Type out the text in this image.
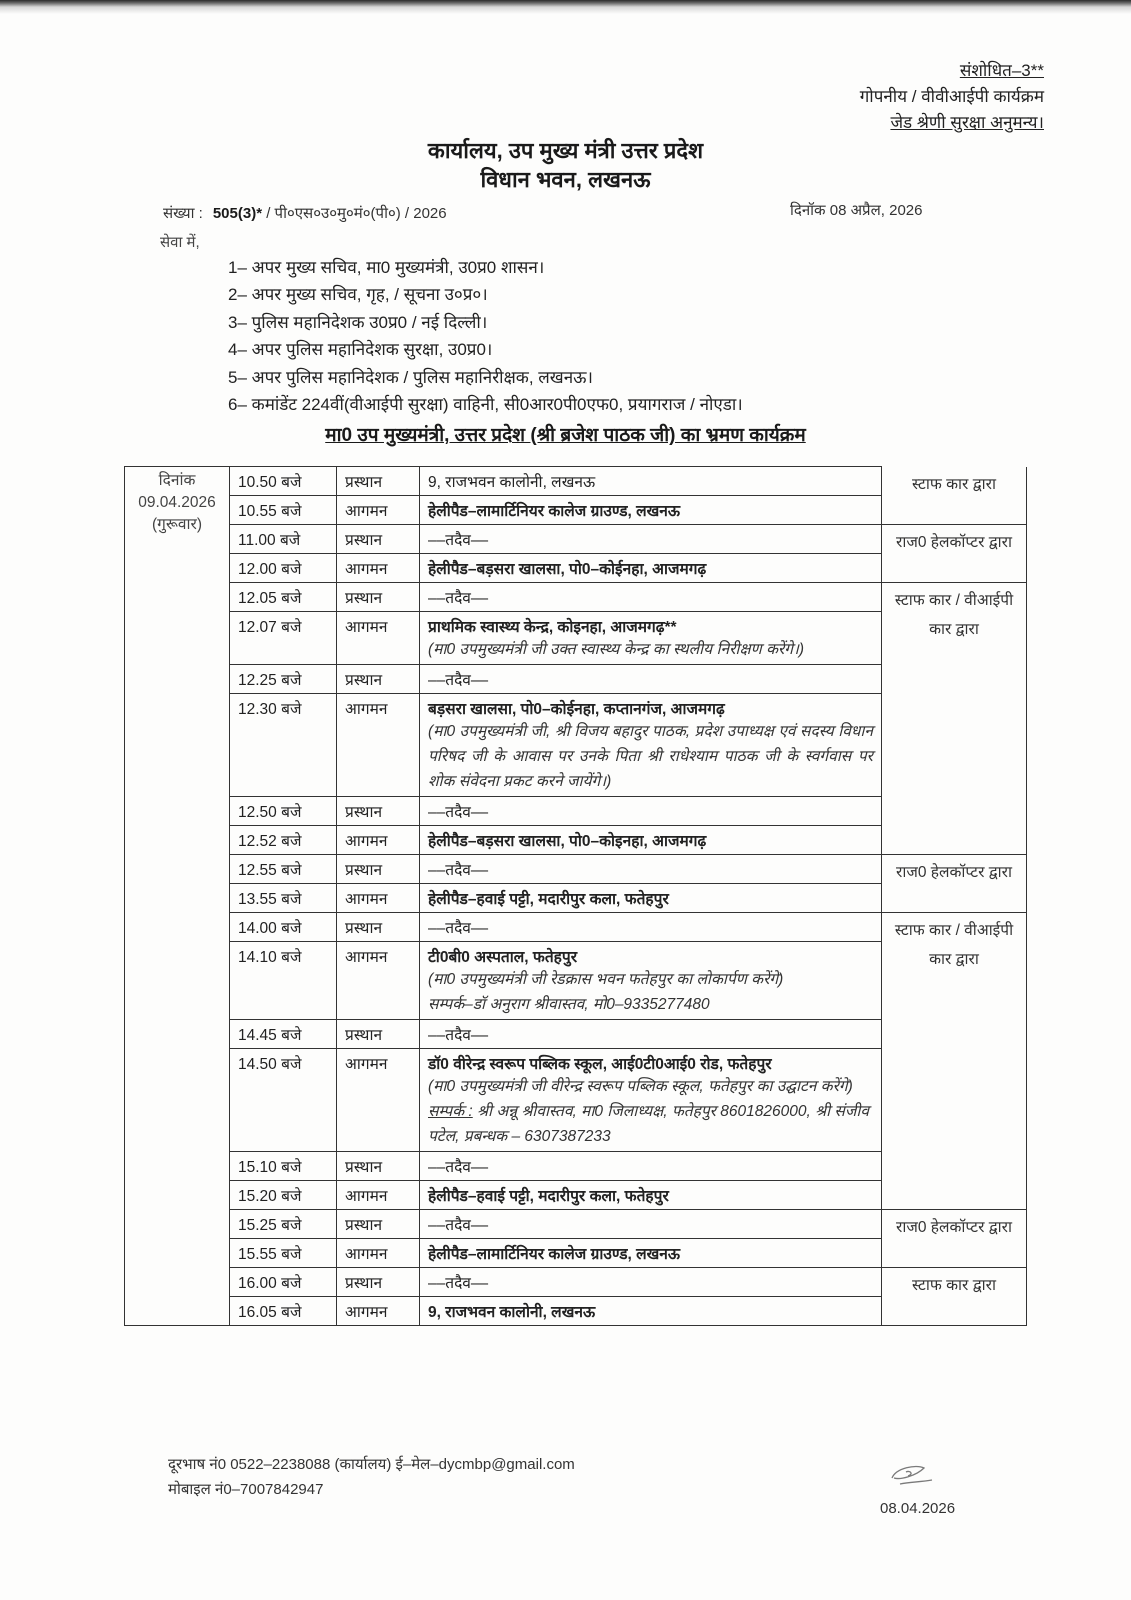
संशोधित–3**
गोपनीय / वीवीआईपी कार्यक्रम
जेड श्रेणी सुरक्षा अनुमन्य।
कार्यालय, उप मुख्य मंत्री उत्तर प्रदेश
विधान भवन, लखनऊ
संख्या : 505(3)* / पी०एस०उ०मु०मं०(पी०) / 2026	दिनॉक 08 अप्रैल, 2026
सेवा में,
1– अपर मुख्य सचिव, मा0 मुख्यमंत्री, उ0प्र0 शासन।
2– अपर मुख्य सचिव, गृह, / सूचना उ०प्र०।
3– पुलिस महानिदेशक उ0प्र0 / नई दिल्ली।
4– अपर पुलिस महानिदेशक सुरक्षा, उ0प्र0।
5– अपर पुलिस महानिदेशक / पुलिस महानिरीक्षक, लखनऊ।
6– कमांडेंट 224वीं(वीआईपी सुरक्षा) वाहिनी, सी0आर0पी0एफ0, प्रयागराज / नोएडा।
मा0 उप मुख्यमंत्री, उत्तर प्रदेश (श्री ब्रजेश पाठक जी) का भ्रमण कार्यक्रम
दिनांक
09.04.2026
(गुरूवार)	10.50 बजे	प्रस्थान	9, राजभवन कालोनी, लखनऊ	स्टाफ कार द्वारा
	10.55 बजे	आगमन	हेलीपैड–लामार्टिनियर कालेज ग्राउण्ड, लखनऊ	
	11.00 बजे	प्रस्थान	––तदैव––	राज0 हेलकॉप्टर द्वारा
	12.00 बजे	आगमन	हेलीपैड–बड़सरा खालसा, पो0–कोईनहा, आजमगढ़	
	12.05 बजे	प्रस्थान	––तदैव––	स्टाफ कार / वीआईपी कार द्वारा
	12.07 बजे	आगमन	प्राथमिक स्वास्थ्य केन्द्र, कोइनहा, आजमगढ़**
(मा0 उपमुख्यमंत्री जी उक्त स्वास्थ्य केन्द्र का स्थलीय निरीक्षण करेंगे।)	

	12.25 बजे	प्रस्थान	––तदैव––	
	12.30 बजे	आगमन	बड़सरा खालसा, पो0–कोईनहा, कप्तानगंज, आजमगढ़
(मा0 उपमुख्यमंत्री जी, श्री विजय बहादुर पाठक, प्रदेश उपाध्यक्ष एवं सदस्य विधान परिषद जी के आवास पर उनके पिता श्री राधेश्याम पाठक जी के स्वर्गवास पर शोक संवेदना प्रकट करने जायेंगे।)	

	12.50 बजे	प्रस्थान	––तदैव––	
	12.52 बजे	आगमन	हेलीपैड–बड़सरा खालसा, पो0–कोइनहा, आजमगढ़	
	12.55 बजे	प्रस्थान	––तदैव––	राज0 हेलकॉप्टर द्वारा
	13.55 बजे	आगमन	हेलीपैड–हवाई पट्टी, मदारीपुर कला, फतेहपुर	
	14.00 बजे	प्रस्थान	––तदैव––	स्टाफ कार / वीआईपी कार द्वारा
	14.10 बजे	आगमन	टी0बी0 अस्पताल, फतेहपुर
(मा0 उपमुख्यमंत्री जी रेडक्रास भवन फतेहपुर का लोकार्पण करेंगे)
सम्पर्क–डॉ अनुराग श्रीवास्तव, मो0–9335277480	

	14.45 बजे	प्रस्थान	––तदैव––	
	14.50 बजे	आगमन	डॉ0 वीरेन्द्र स्वरूप पब्लिक स्कूल, आई0टी0आई0 रोड, फतेहपुर
(मा0 उपमुख्यमंत्री जी वीरेन्द्र स्वरूप पब्लिक स्कूल, फतेहपुर का उद्घाटन करेंगे)
सम्पर्क : श्री अन्नू श्रीवास्तव, मा0 जिलाध्यक्ष, फतेहपुर 8601826000, श्री संजीव पटेल, प्रबन्धक – 6307387233	

	15.10 बजे	प्रस्थान	––तदैव––	
	15.20 बजे	आगमन	हेलीपैड–हवाई पट्टी, मदारीपुर कला, फतेहपुर	
	15.25 बजे	प्रस्थान	––तदैव––	राज0 हेलकॉप्टर द्वारा
	15.55 बजे	आगमन	हेलीपैड–लामार्टिनियर कालेज ग्राउण्ड, लखनऊ	
	16.00 बजे	प्रस्थान	––तदैव––	स्टाफ कार द्वारा
	16.05 बजे	आगमन	9, राजभवन कालोनी, लखनऊ	
दूरभाष नं0 0522–2238088 (कार्यालय) ई–मेल–dycmbp@gmail.com
मोबाइल नं0–7007842947
08.04.2026
